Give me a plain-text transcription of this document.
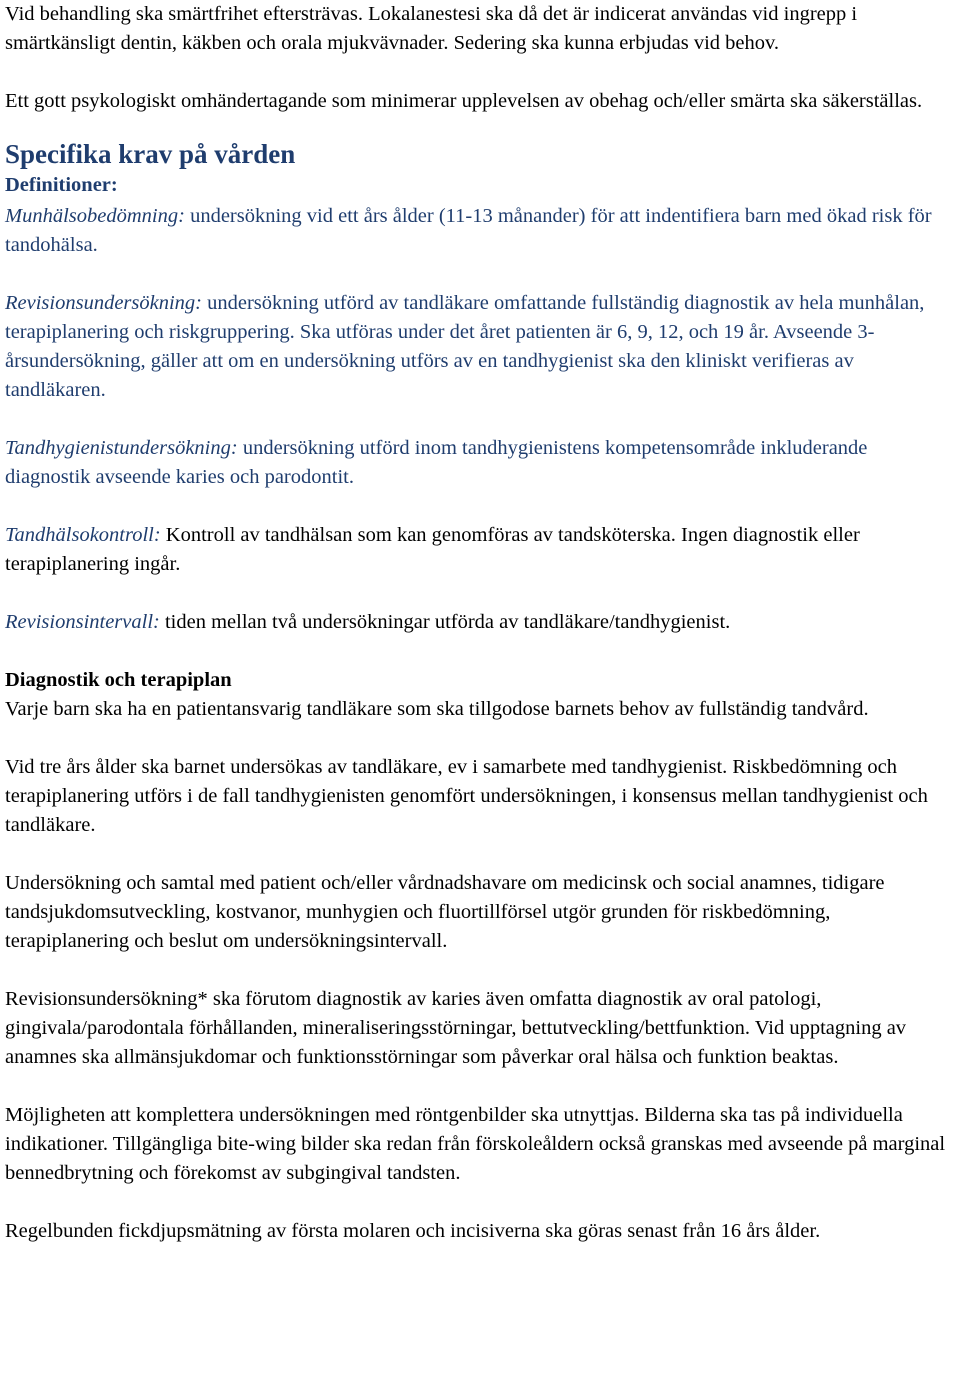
Vid behandling ska smärtfrihet eftersträvas. Lokalanestesi ska då det är indicerat användas vid ingrepp i smärtkänsligt dentin, käkben och orala mjukvävnader. Sedering ska kunna erbjudas vid behov.

Ett gott psykologiskt omhändertagande som minimerar upplevelsen av obehag och/eller smärta ska säkerställas.

Specifika krav på vården
Definitioner:

Munhälsobedömning: undersökning vid ett års ålder (11-13 månander) för att indentifiera barn med ökad risk för tandohälsa.

Revisionsundersökning: undersökning utförd av tandläkare omfattande fullständig diagnostik av hela munhålan, terapiplanering och riskgruppering. Ska utföras under det året patienten är 6, 9, 12, och 19 år. Avseende 3-årsundersökning, gäller att om en undersökning utförs av en tandhygienist ska den kliniskt verifieras av tandläkaren.

Tandhygienistundersökning: undersökning utförd inom tandhygienistens kompetensområde inkluderande diagnostik avseende karies och parodontit.

Tandhälsokontroll: Kontroll av tandhälsan som kan genomföras av tandsköterska. Ingen diagnostik eller terapiplanering ingår.

Revisionsintervall: tiden mellan två undersökningar utförda av tandläkare/tandhygienist.

Diagnostik och terapiplan

Varje barn ska ha en patientansvarig tandläkare som ska tillgodose barnets behov av fullständig tandvård.

Vid tre års ålder ska barnet undersökas av tandläkare, ev i samarbete med tandhygienist. Riskbedömning och terapiplanering utförs i de fall tandhygienisten genomfört undersökningen, i konsensus mellan tandhygienist och tandläkare.

Undersökning och samtal med patient och/eller vårdnadshavare om medicinsk och social anamnes, tidigare tandsjukdomsutveckling, kostvanor, munhygien och fluortillförsel utgör grunden för riskbedömning, terapiplanering och beslut om undersökningsintervall.

Revisionsundersökning* ska förutom diagnostik av karies även omfatta diagnostik av oral patologi, gingivala/parodontala förhållanden, mineraliseringsstörningar, bettutveckling/bettfunktion. Vid upptagning av anamnes ska allmänsjukdomar och funktionsstörningar som påverkar oral hälsa och funktion beaktas.

Möjligheten att komplettera undersökningen med röntgenbilder ska utnyttjas. Bilderna ska tas på individuella indikationer. Tillgängliga bite-wing bilder ska redan från förskoleåldern också granskas med avseende på marginal bennedbrytning och förekomst av subgingival tandsten.

Regelbunden fickdjupsmätning av första molaren och incisiverna ska göras senast från 16 års ålder.
